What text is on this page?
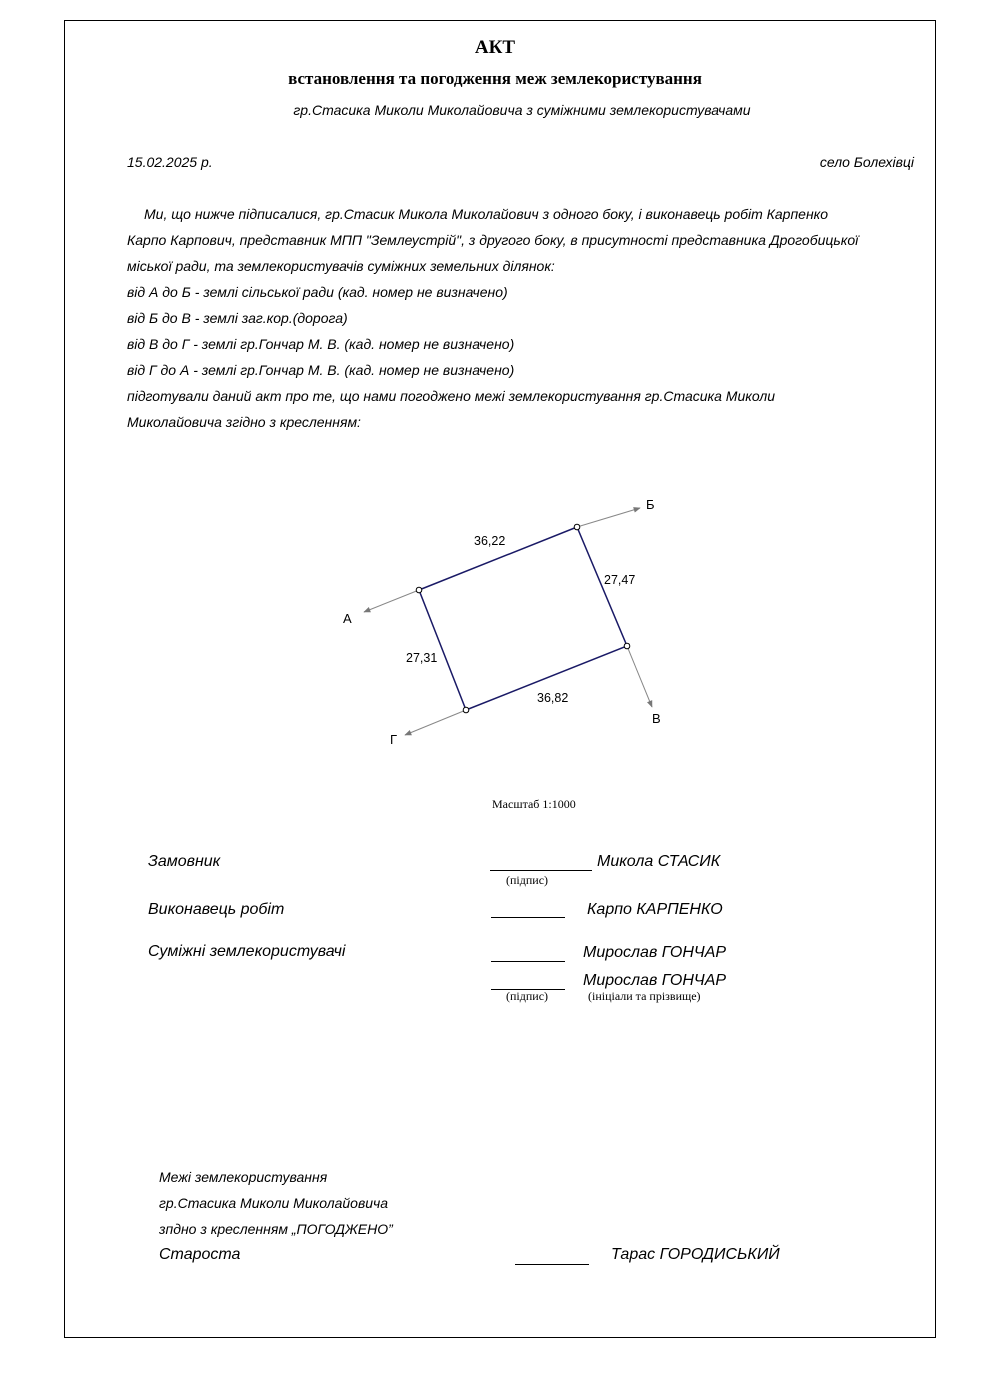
АКТ
встановлення та погодження меж землекористування
гр.Стасика Миколи Миколайовича з суміжними землекористувачами
15.02.2025 р.	село Болехівці
Ми, що нижче підписалися, гр.Стасик Микола Миколайович з одного боку, і виконавець робіт Карпенко
Карпо Карпович, представник МПП "Землеустрій", з другого боку, в присутності представника Дрогобицької
міської ради, та землекористувачів суміжних земельних ділянок:
від А до Б - землі сільської ради (кад. номер не визначено)
від Б до В - землі заг.кор.(дорога)
від В до Г - землі гр.Гончар М. В. (кад. номер не визначено)
від Г до А - землі гр.Гончар М. В. (кад. номер не визначено)
підготували даний акт про те, що нами погоджено межі землекористування гр.Стасика Миколи
Миколайовича згідно з кресленням:
Б
А
В
Г
36,22
27,47
36,82
27,31
Масштаб 1:1000
Замовник	Микола СТАСИК
(підпис)
Виконавець робіт	Карпо КАРПЕНКО
Суміжні землекористувачі	Мирослав ГОНЧАР
Мирослав ГОНЧАР
(підпис)	(ініціали та прізвище)
Межі землекористування
гр.Стасика Миколи Миколайовича
зпдно з кресленням „ПОГОДЖЕНО”
Староста	Тарас ГОРОДИСЬКИЙ
